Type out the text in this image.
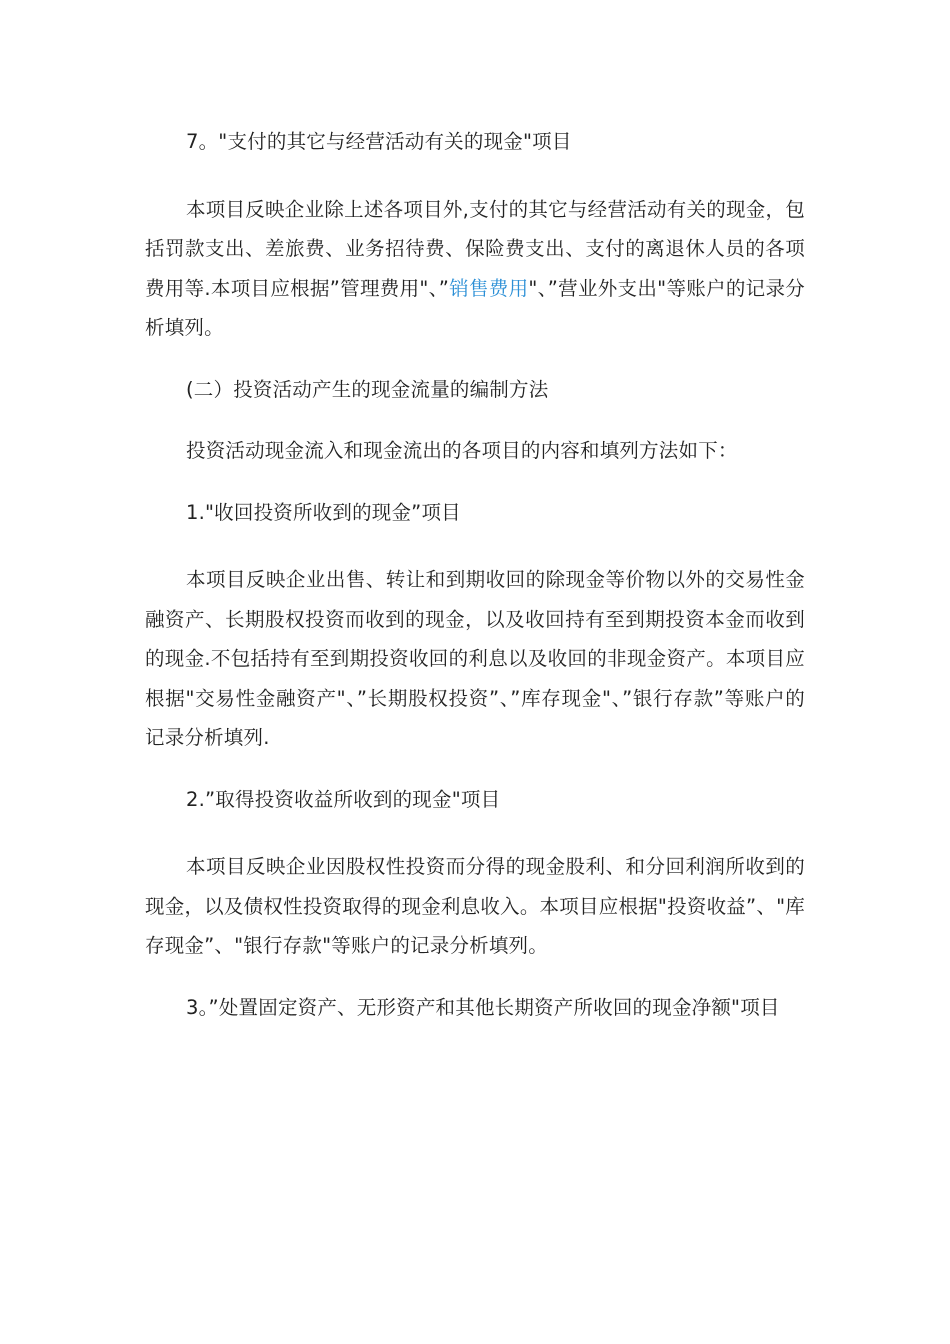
7。"支付的其它与经营活动有关的现金"项目

本项目反映企业除上述各项目外,支付的其它与经营活动有关的现金，包括罚款支出、差旅费、业务招待费、保险费支出、支付的离退休人员的各项费用等.本项目应根据”管理费用"、”销售费用"、”营业外支出"等账户的记录分析填列。

(二）投资活动产生的现金流量的编制方法

投资活动现金流入和现金流出的各项目的内容和填列方法如下：

1."收回投资所收到的现金”项目

本项目反映企业出售、转让和到期收回的除现金等价物以外的交易性金融资产、长期股权投资而收到的现金，以及收回持有至到期投资本金而收到的现金.不包括持有至到期投资收回的利息以及收回的非现金资产。本项目应根据"交易性金融资产"、”长期股权投资”、”库存现金"、”银行存款”等账户的记录分析填列.

2.”取得投资收益所收到的现金"项目

本项目反映企业因股权性投资而分得的现金股利、和分回利润所收到的现金，以及债权性投资取得的现金利息收入。本项目应根据"投资收益”、"库存现金”、"银行存款"等账户的记录分析填列。

3。”处置固定资产、无形资产和其他长期资产所收回的现金净额"项目
